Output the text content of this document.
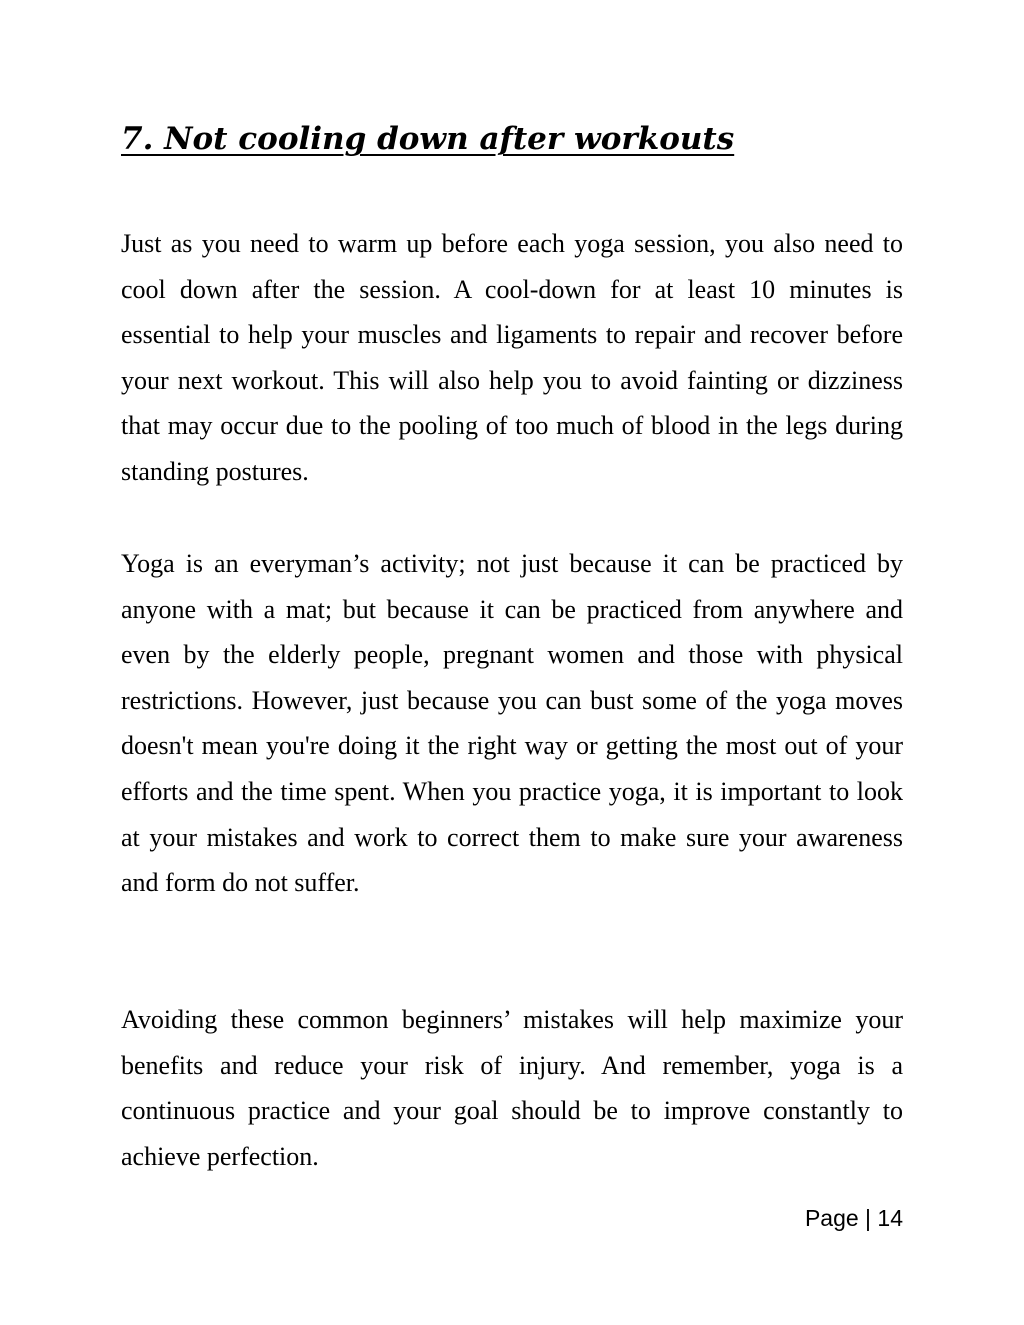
7. Not cooling down after workouts

Just as you need to warm up before each yoga session, you also need to cool down after the session. A cool-down for at least 10 minutes is essential to help your muscles and ligaments to repair and recover before your next workout. This will also help you to avoid fainting or dizziness that may occur due to the pooling of too much of blood in the legs during standing postures.

Yoga is an everyman’s activity; not just because it can be practiced by anyone with a mat; but because it can be practiced from anywhere and even by the elderly people, pregnant women and those with physical restrictions. However, just because you can bust some of the yoga moves doesn't mean you're doing it the right way or getting the most out of your efforts and the time spent. When you practice yoga, it is important to look at your mistakes and work to correct them to make sure your awareness and form do not suffer.

Avoiding these common beginners’ mistakes will help maximize your benefits and reduce your risk of injury. And remember, yoga is a continuous practice and your goal should be to improve constantly to achieve perfection.

Page | 14
